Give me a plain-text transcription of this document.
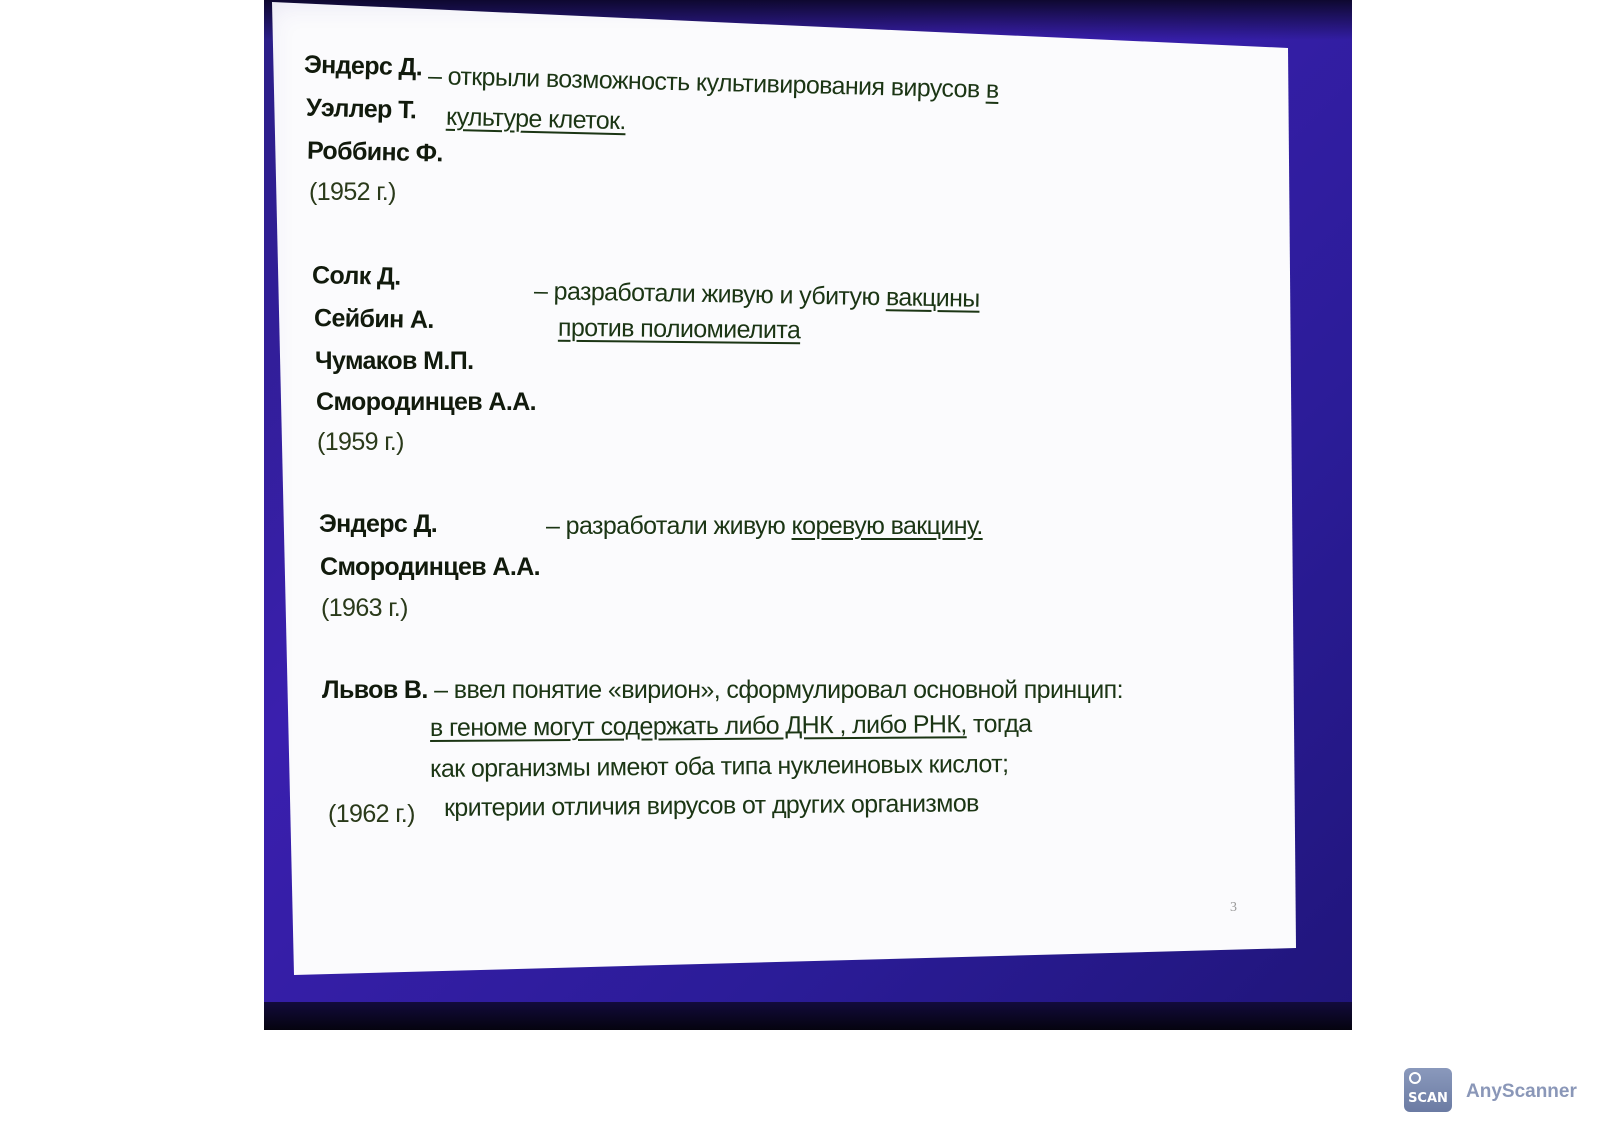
Эндерс Д. – открыли возможность культивирования вирусов в
Уэллер Т. культуре клеток.
Роббинс Ф.
(1952 г.)
Солк Д.
– разработали живую и убитую вакцины
Сейбин А.	против полиомиелита
Чумаков М.П.
Смородинцев А.А.
(1959 г.)
Эндерс Д.	– разработали живую коревую вакцину.
Смородинцев А.А.
(1963 г.)
Львов В. – ввел понятие «вирион», сформулировал основной принцип:
в геноме могут содержать либо ДНК , либо РНК, тогда
как организмы имеют оба типа нуклеиновых кислот;
(1962 г.) критерии отличия вирусов от других организмов
3
SCAN AnyScanner
